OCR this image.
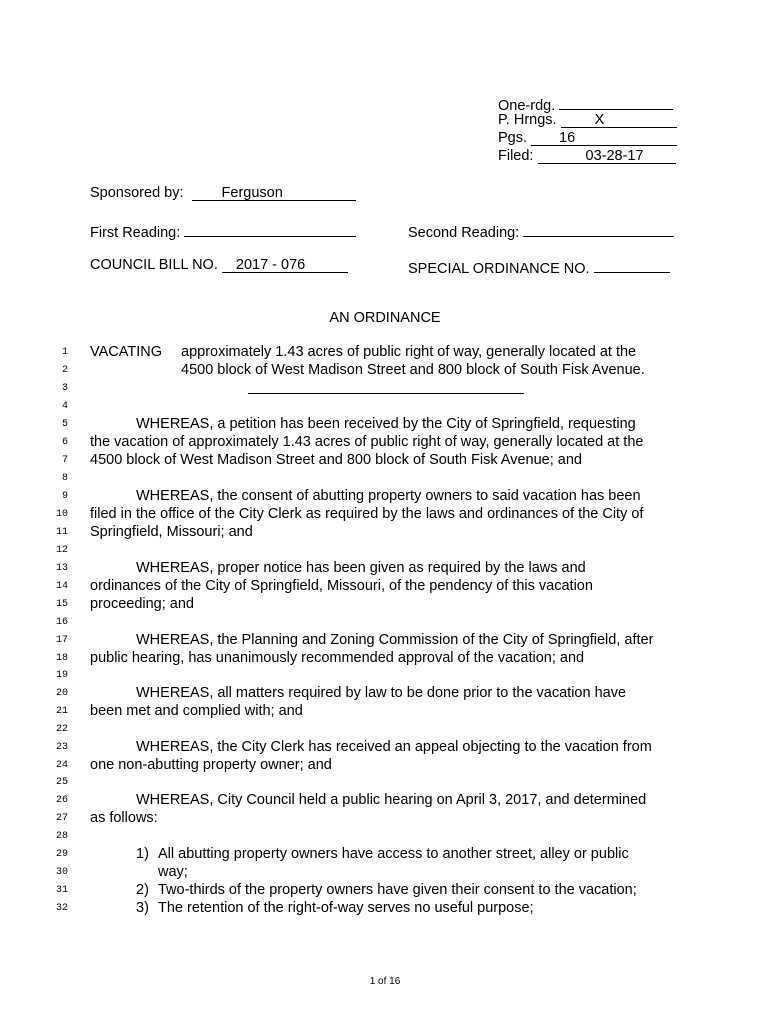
One-rdg.
P. Hrngs.	X
Pgs. 16
Filed:	03-28-17
Sponsored by:	Ferguson
First Reading:	Second Reading:
COUNCIL BILL NO. 2017 - 076	SPECIAL ORDINANCE NO.
AN ORDINANCE
1
2
3
4
5
6
7
8
9
10
11
12
13
14
15
16
17
18
19
20
21
22
23
24
25
26
27
28
29
30
31
32
VACATING approximately 1.43 acres of public right of way, generally located at the
4500 block of West Madison Street and 800 block of South Fisk Avenue.
WHEREAS, a petition has been received by the City of Springfield, requesting
the vacation of approximately 1.43 acres of public right of way, generally located at the
4500 block of West Madison Street and 800 block of South Fisk Avenue; and
WHEREAS, the consent of abutting property owners to said vacation has been
filed in the office of the City Clerk as required by the laws and ordinances of the City of
Springfield, Missouri; and
WHEREAS, proper notice has been given as required by the laws and
ordinances of the City of Springfield, Missouri, of the pendency of this vacation
proceeding; and
WHEREAS, the Planning and Zoning Commission of the City of Springfield, after
public hearing, has unanimously recommended approval of the vacation; and
WHEREAS, all matters required by law to be done prior to the vacation have
been met and complied with; and
WHEREAS, the City Clerk has received an appeal objecting to the vacation from
one non-abutting property owner; and
WHEREAS, City Council held a public hearing on April 3, 2017, and determined
as follows:
1) All abutting property owners have access to another street, alley or public
way;
2) Two-thirds of the property owners have given their consent to the vacation;
3) The retention of the right-of-way serves no useful purpose;
1 of 16
